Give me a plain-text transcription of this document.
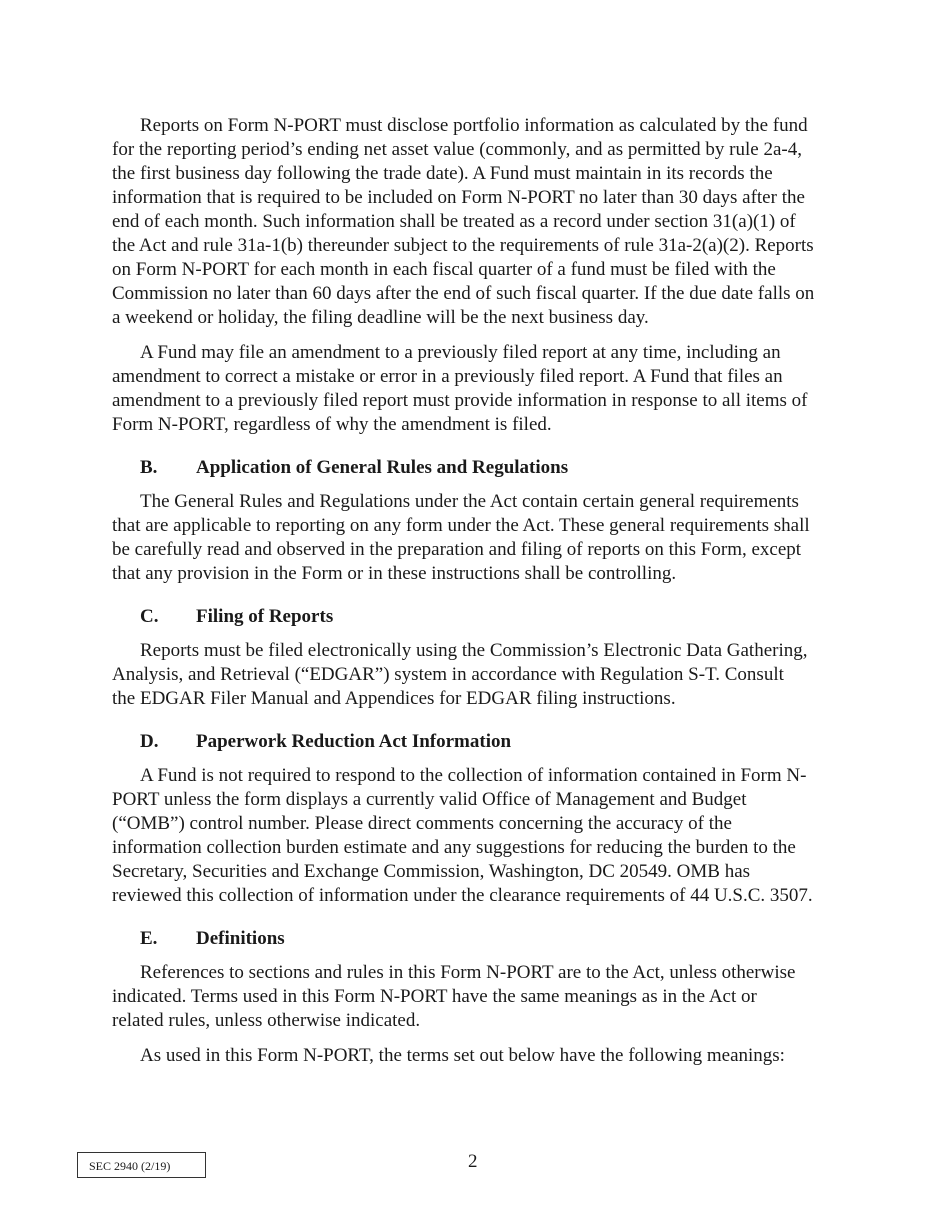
Reports on Form N-PORT must disclose portfolio information as calculated by the fund
for the reporting period’s ending net asset value (commonly, and as permitted by rule 2a-4,
the first business day following the trade date). A Fund must maintain in its records the
information that is required to be included on Form N-PORT no later than 30 days after the
end of each month. Such information shall be treated as a record under section 31(a)(1) of
the Act and rule 31a-1(b) thereunder subject to the requirements of rule 31a-2(a)(2). Reports
on Form N-PORT for each month in each fiscal quarter of a fund must be filed with the
Commission no later than 60 days after the end of such fiscal quarter. If the due date falls on
a weekend or holiday, the filing deadline will be the next business day.
A Fund may file an amendment to a previously filed report at any time, including an
amendment to correct a mistake or error in a previously filed report. A Fund that files an
amendment to a previously filed report must provide information in response to all items of
Form N-PORT, regardless of why the amendment is filed.
B. Application of General Rules and Regulations
The General Rules and Regulations under the Act contain certain general requirements
that are applicable to reporting on any form under the Act. These general requirements shall
be carefully read and observed in the preparation and filing of reports on this Form, except
that any provision in the Form or in these instructions shall be controlling.
C. Filing of Reports
Reports must be filed electronically using the Commission’s Electronic Data Gathering,
Analysis, and Retrieval (“EDGAR”) system in accordance with Regulation S-T. Consult
the EDGAR Filer Manual and Appendices for EDGAR filing instructions.
D. Paperwork Reduction Act Information
A Fund is not required to respond to the collection of information contained in Form N-
PORT unless the form displays a currently valid Office of Management and Budget
(“OMB”) control number. Please direct comments concerning the accuracy of the
information collection burden estimate and any suggestions for reducing the burden to the
Secretary, Securities and Exchange Commission, Washington, DC 20549. OMB has
reviewed this collection of information under the clearance requirements of 44 U.S.C. 3507.
E. Definitions
References to sections and rules in this Form N-PORT are to the Act, unless otherwise
indicated. Terms used in this Form N-PORT have the same meanings as in the Act or
related rules, unless otherwise indicated.
As used in this Form N-PORT, the terms set out below have the following meanings:
SEC 2940 (2/19)	2
